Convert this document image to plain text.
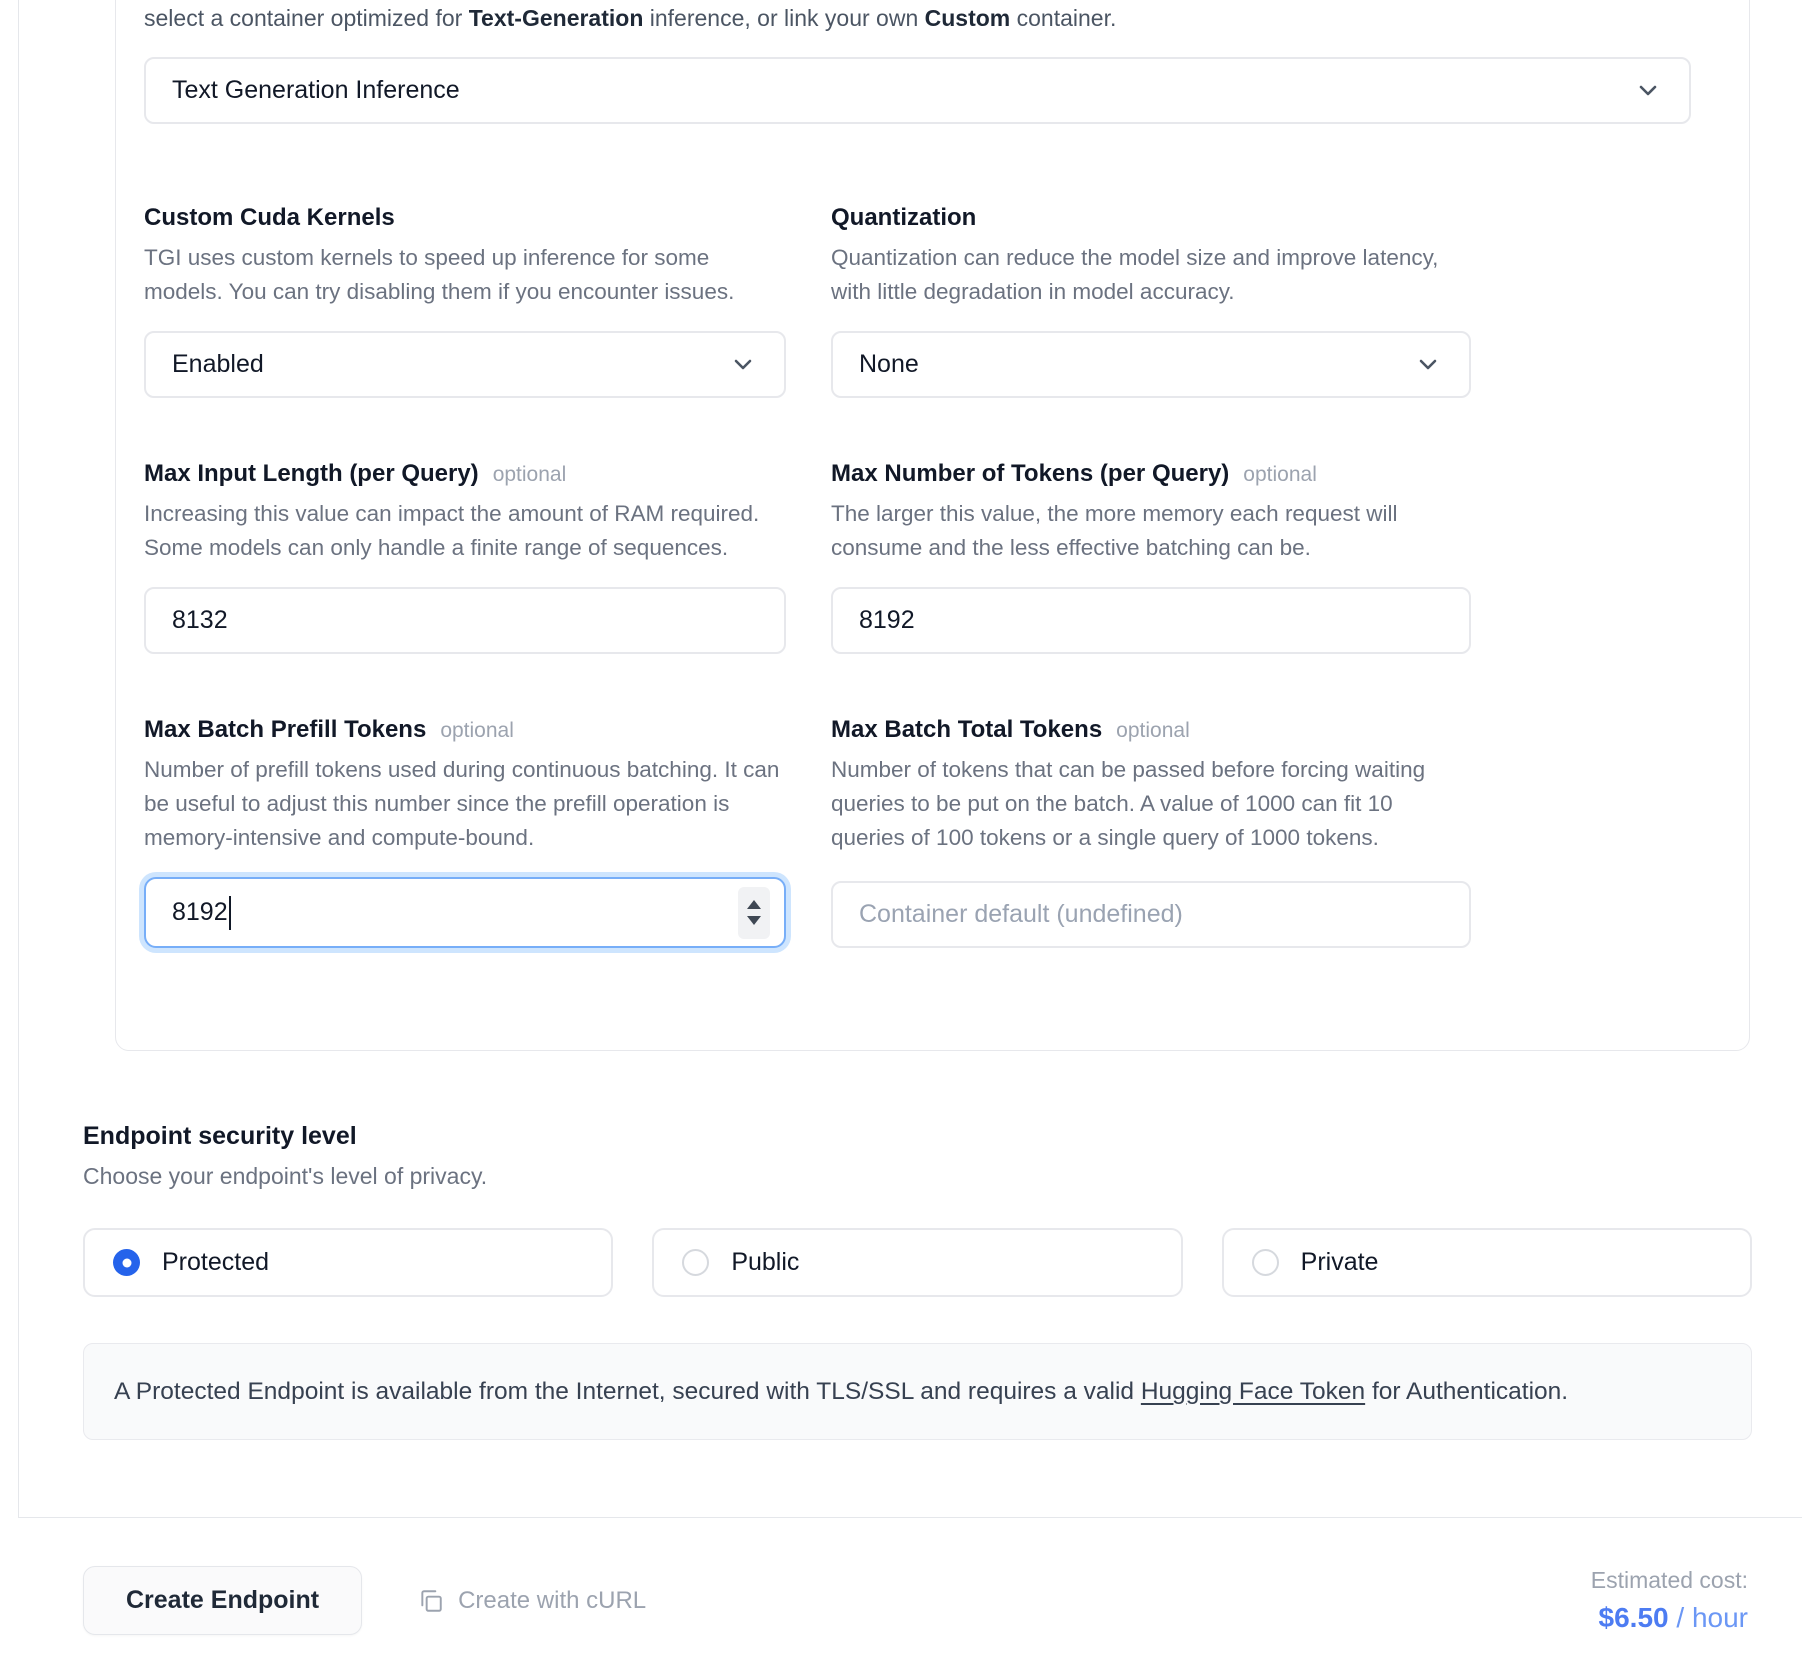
select a container optimized for Text-Generation inference, or link your own Custom container.
Text Generation Inference
Custom Cuda Kernels
TGI uses custom kernels to speed up inference for some models. You can try disabling them if you encounter issues.
Enabled
Quantization
Quantization can reduce the model size and improve latency, with little degradation in model accuracy.
None
Max Input Length (per Query) optional
Increasing this value can impact the amount of RAM required. Some models can only handle a finite range of sequences.
8132
Max Number of Tokens (per Query) optional
The larger this value, the more memory each request will consume and the less effective batching can be.
8192
Max Batch Prefill Tokens optional
Number of prefill tokens used during continuous batching. It can be useful to adjust this number since the prefill operation is memory-intensive and compute-bound.
8192
Max Batch Total Tokens optional
Number of tokens that can be passed before forcing waiting queries to be put on the batch. A value of 1000 can fit 10 queries of 100 tokens or a single query of 1000 tokens.
Container default (undefined)
Endpoint security level
Choose your endpoint's level of privacy.
Protected	Public	Private
A Protected Endpoint is available from the Internet, secured with TLS/SSL and requires a valid Hugging Face Token for Authentication.
Create Endpoint	Create with cURL
Estimated cost:
$6.50 / hour
